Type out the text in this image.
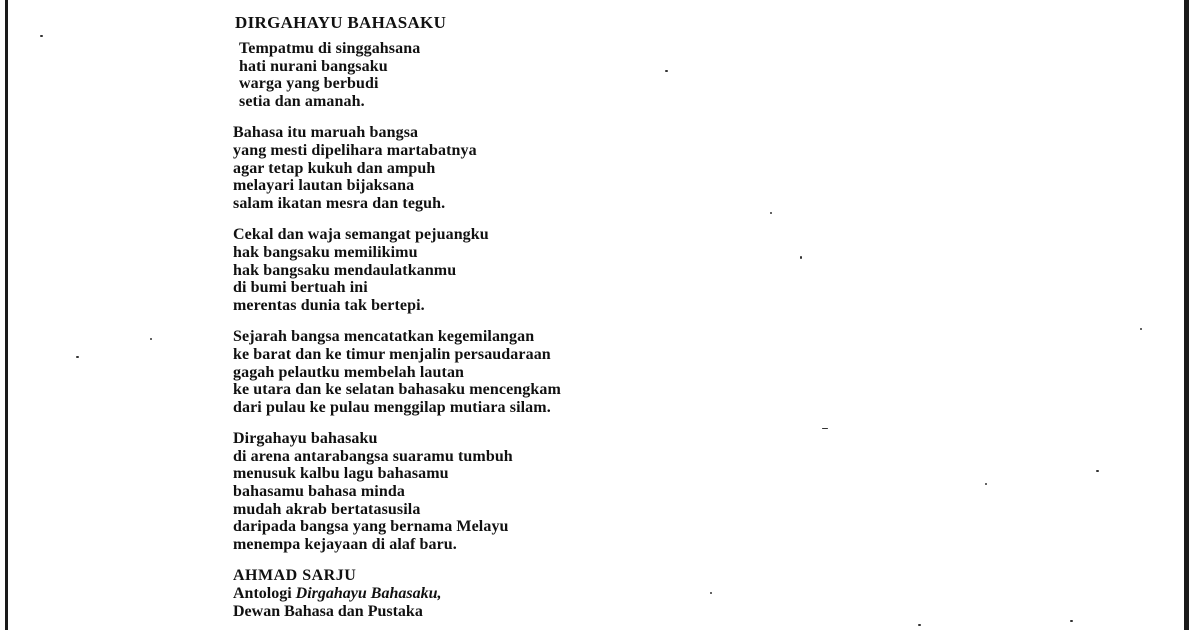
DIRGAHAYU BAHASAKU
Tempatmu di singgahsana
hati nurani bangsaku
warga yang berbudi
setia dan amanah.
Bahasa itu maruah bangsa
yang mesti dipelihara martabatnya
agar tetap kukuh dan ampuh
melayari lautan bijaksana
salam ikatan mesra dan teguh.
Cekal dan waja semangat pejuangku
hak bangsaku memilikimu
hak bangsaku mendaulatkanmu
di bumi bertuah ini
merentas dunia tak bertepi.
Sejarah bangsa mencatatkan kegemilangan
ke barat dan ke timur menjalin persaudaraan
gagah pelautku membelah lautan
ke utara dan ke selatan bahasaku mencengkam
dari pulau ke pulau menggilap mutiara silam.
Dirgahayu bahasaku
di arena antarabangsa suaramu tumbuh
menusuk kalbu lagu bahasamu
bahasamu bahasa minda
mudah akrab bertatasusila
daripada bangsa yang bernama Melayu
menempa kejayaan di alaf baru.
AHMAD SARJU
Antologi Dirgahayu Bahasaku,
Dewan Bahasa dan Pustaka
